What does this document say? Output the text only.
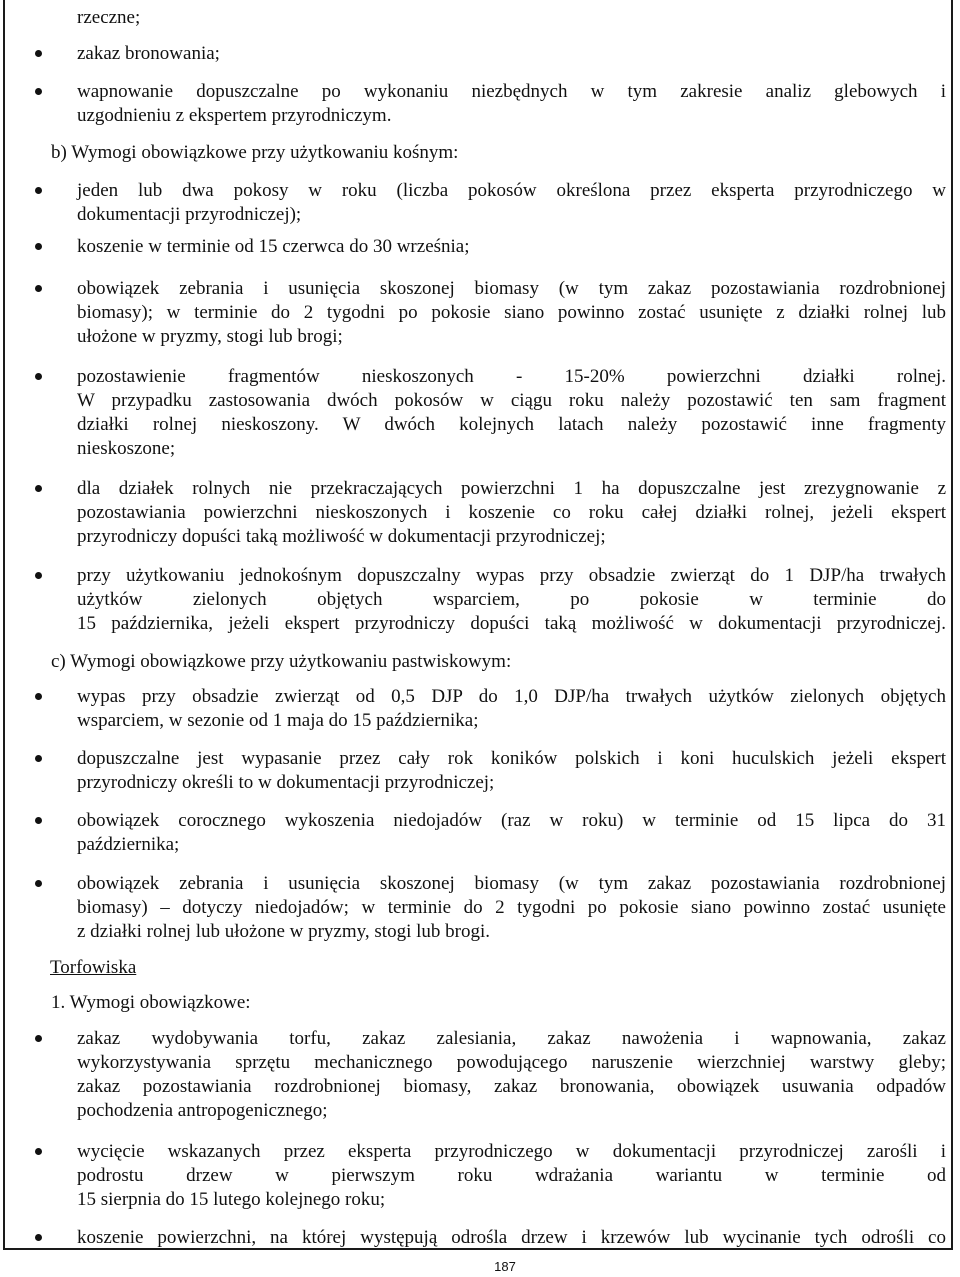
rzeczne;
zakaz bronowania;
wapnowanie dopuszczalne po wykonaniu niezbędnych w tym zakresie analiz glebowych i
uzgodnieniu z ekspertem przyrodniczym.
b) Wymogi obowiązkowe przy użytkowaniu kośnym:
jeden lub dwa pokosy w roku (liczba pokosów określona przez eksperta przyrodniczego w
dokumentacji przyrodniczej);
koszenie w terminie od 15 czerwca do 30 września;
obowiązek zebrania i usunięcia skoszonej biomasy (w tym zakaz pozostawiania rozdrobnionej
biomasy); w terminie do 2 tygodni po pokosie siano powinno zostać usunięte z działki rolnej lub
ułożone w pryzmy, stogi lub brogi;
pozostawienie fragmentów nieskoszonych - 15-20% powierzchni działki rolnej.
W przypadku zastosowania dwóch pokosów w ciągu roku należy pozostawić ten sam fragment
działki rolnej nieskoszony. W dwóch kolejnych latach należy pozostawić inne fragmenty
nieskoszone;
dla działek rolnych nie przekraczających powierzchni 1 ha dopuszczalne jest zrezygnowanie z
pozostawiania powierzchni nieskoszonych i koszenie co roku całej działki rolnej, jeżeli ekspert
przyrodniczy dopuści taką możliwość w dokumentacji przyrodniczej;
przy użytkowaniu jednokośnym dopuszczalny wypas przy obsadzie zwierząt do 1 DJP/ha trwałych
użytków zielonych objętych wsparciem, po pokosie w terminie do
15 października, jeżeli ekspert przyrodniczy dopuści taką możliwość w dokumentacji przyrodniczej.
c) Wymogi obowiązkowe przy użytkowaniu pastwiskowym:
wypas przy obsadzie zwierząt od 0,5 DJP do 1,0 DJP/ha trwałych użytków zielonych objętych
wsparciem, w sezonie od 1 maja do 15 października;
dopuszczalne jest wypasanie przez cały rok koników polskich i koni huculskich jeżeli ekspert
przyrodniczy określi to w dokumentacji przyrodniczej;
obowiązek corocznego wykoszenia niedojadów (raz w roku) w terminie od 15 lipca do 31
października;
obowiązek zebrania i usunięcia skoszonej biomasy (w tym zakaz pozostawiania rozdrobnionej
biomasy) – dotyczy niedojadów; w terminie do 2 tygodni po pokosie siano powinno zostać usunięte
z działki rolnej lub ułożone w pryzmy, stogi lub brogi.
Torfowiska
1. Wymogi obowiązkowe:
zakaz wydobywania torfu, zakaz zalesiania, zakaz nawożenia i wapnowania, zakaz
wykorzystywania sprzętu mechanicznego powodującego naruszenie wierzchniej warstwy gleby;
zakaz pozostawiania rozdrobnionej biomasy, zakaz bronowania, obowiązek usuwania odpadów
pochodzenia antropogenicznego;
wycięcie wskazanych przez eksperta przyrodniczego w dokumentacji przyrodniczej zarośli i
podrostu drzew w pierwszym roku wdrażania wariantu w terminie od
15 sierpnia do 15 lutego kolejnego roku;
koszenie powierzchni, na której występują odrośla drzew i krzewów lub wycinanie tych odrośli co
187
